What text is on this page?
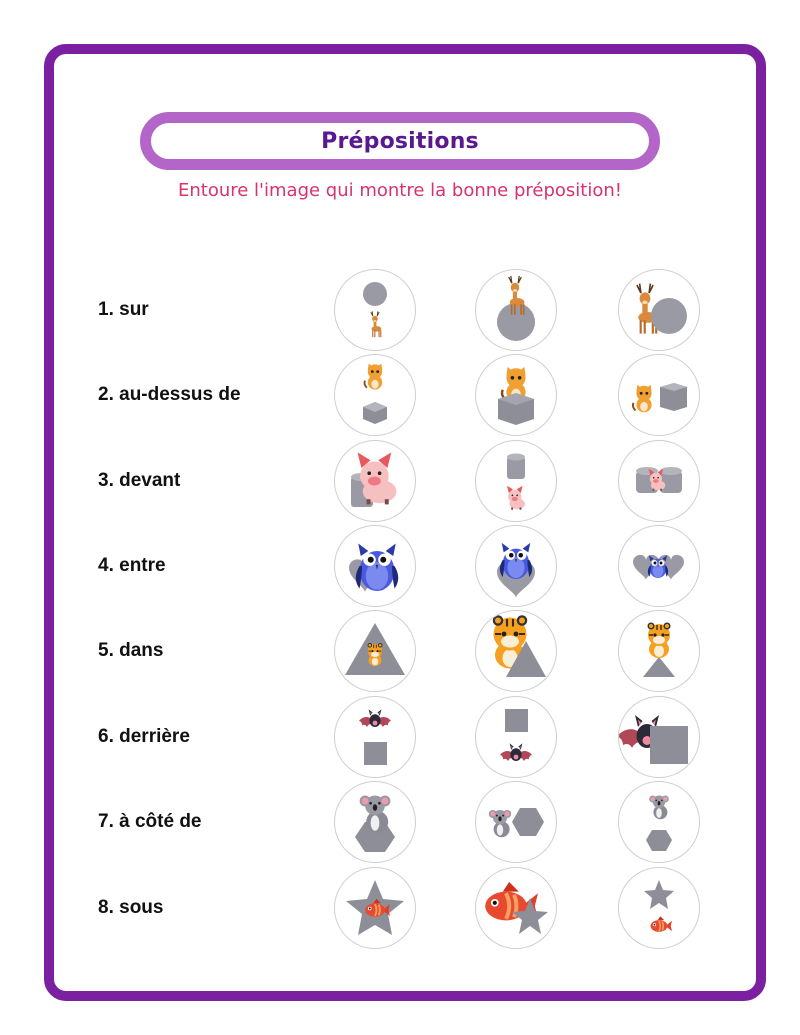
Prépositions
Entoure l'image qui montre la bonne préposition!
1. sur
2. au-dessus de
3. devant
4. entre
5. dans
6. derrière
7. à côté de
8. sous
